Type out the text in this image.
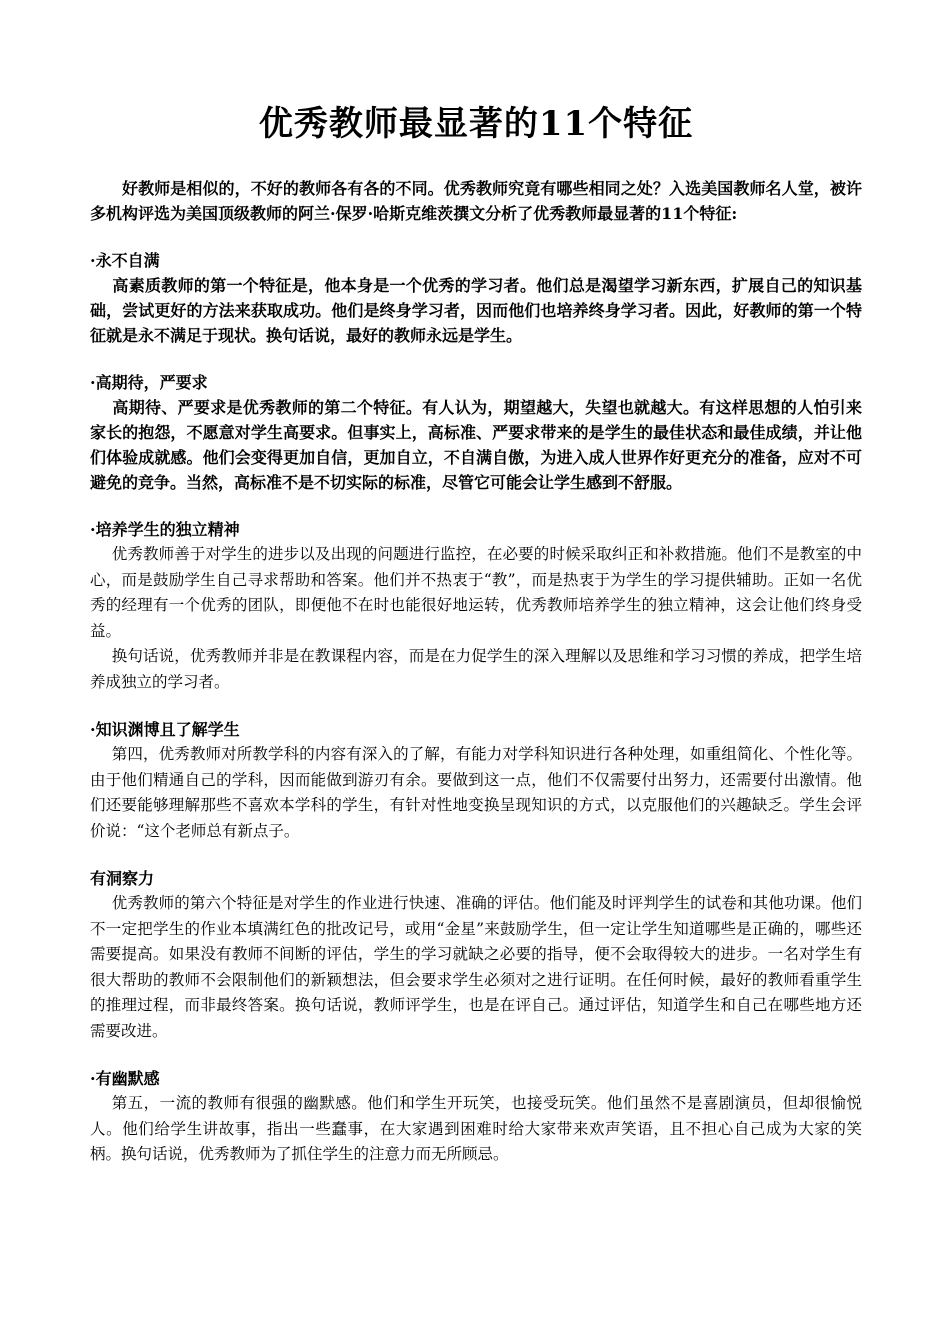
优秀教师最显著的11个特征

好教师是相似的，不好的教师各有各的不同。优秀教师究竟有哪些相同之处？入选美国教师名人堂，被许多机构评选为美国顶级教师的阿兰·保罗·哈斯克维茨撰文分析了优秀教师最显著的11个特征:

·永不自满

高素质教师的第一个特征是，他本身是一个优秀的学习者。他们总是渴望学习新东西，扩展自己的知识基础，尝试更好的方法来获取成功。他们是终身学习者，因而他们也培养终身学习者。因此，好教师的第一个特征就是永不满足于现状。换句话说，最好的教师永远是学生。

·高期待，严要求

高期待、严要求是优秀教师的第二个特征。有人认为，期望越大，失望也就越大。有这样思想的人怕引来家长的抱怨，不愿意对学生高要求。但事实上，高标准、严要求带来的是学生的最佳状态和最佳成绩，并让他们体验成就感。他们会变得更加自信，更加自立，不自满自傲，为进入成人世界作好更充分的准备，应对不可避免的竞争。当然，高标准不是不切实际的标准，尽管它可能会让学生感到不舒服。

·培养学生的独立精神

优秀教师善于对学生的进步以及出现的问题进行监控，在必要的时候采取纠正和补救措施。他们不是教室的中心，而是鼓励学生自己寻求帮助和答案。他们并不热衷于“教”，而是热衷于为学生的学习提供辅助。正如一名优秀的经理有一个优秀的团队，即便他不在时也能很好地运转，优秀教师培养学生的独立精神，这会让他们终身受益。

换句话说，优秀教师并非是在教课程内容，而是在力促学生的深入理解以及思维和学习习惯的养成，把学生培养成独立的学习者。

·知识渊博且了解学生

第四，优秀教师对所教学科的内容有深入的了解，有能力对学科知识进行各种处理，如重组简化、个性化等。由于他们精通自己的学科，因而能做到游刃有余。要做到这一点，他们不仅需要付出努力，还需要付出激情。他们还要能够理解那些不喜欢本学科的学生，有针对性地变换呈现知识的方式，以克服他们的兴趣缺乏。学生会评价说：“这个老师总有新点子。

有洞察力

优秀教师的第六个特征是对学生的作业进行快速、准确的评估。他们能及时评判学生的试卷和其他功课。他们不一定把学生的作业本填满红色的批改记号，或用“金星”来鼓励学生，但一定让学生知道哪些是正确的，哪些还需要提高。如果没有教师不间断的评估，学生的学习就缺之必要的指导，便不会取得较大的进步。一名对学生有很大帮助的教师不会限制他们的新颖想法，但会要求学生必须对之进行证明。在任何时候，最好的教师看重学生的推理过程，而非最终答案。换句话说，教师评学生，也是在评自己。通过评估，知道学生和自己在哪些地方还需要改进。

·有幽默感

第五，一流的教师有很强的幽默感。他们和学生开玩笑，也接受玩笑。他们虽然不是喜剧演员，但却很愉悦人。他们给学生讲故事，指出一些蠢事，在大家遇到困难时给大家带来欢声笑语，且不担心自己成为大家的笑柄。换句话说，优秀教师为了抓住学生的注意力而无所顾忌。
